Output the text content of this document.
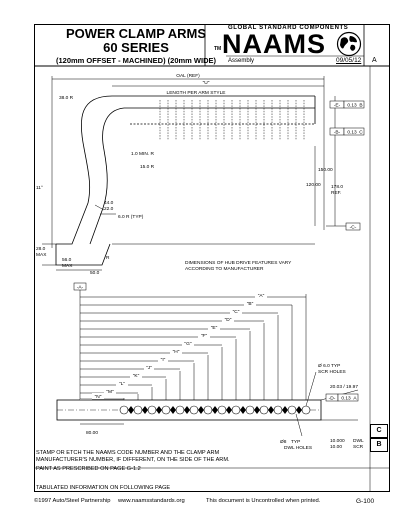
POWER CLAMP ARMS
60 SERIES
(120mm OFFSET - MACHINED) (20mm WIDE)
TM
GLOBAL STANDARD COMPONENTS
NAAMS
Assembly	09/05/12 A
OAL (REF)
"U"
LENGTH PER ARM STYLE
38.0 R
1.0 MIN. R
15.0 R
11°
44.0
22.0
6.0 R (TYP)
28.0
MAX
56.0
MAX
R
50.0
150.00
120.00 178.0
REF.
DIMENSIONS OF HUB DRIVE FEATURES VARY
ACCORDING TO MANUFACTURER
-E- 0.13 B
-B- 0.13 C
-C-
-A-
"A"
"B"
"C"
"D"
"E"
"F"
"G"
"H"
"I"
"J"
"K"
"L"
"M"
"N"
80.00
Ø 6.0 TYP
SCR HOLES
20.03 / 19.97
-D- 0.13 A
Ø8 TYP
DWL HOLES
10.000 DWL
10.00 SCR
C
B
STAMP OR ETCH THE NAAMS CODE NUMBER AND THE CLAMP ARM
MANUFACTURER'S NUMBER, IF DIFFERENT, ON THE SIDE OF THE ARM.
PAINT AS PRESCRIBED ON PAGE G-1.2
TABULATED INFORMATION ON FOLLOWING PAGE
©1997 Auto/Steel Partnership www.naamsstandards.org	This document is Uncontrolled when printed.	G-100
